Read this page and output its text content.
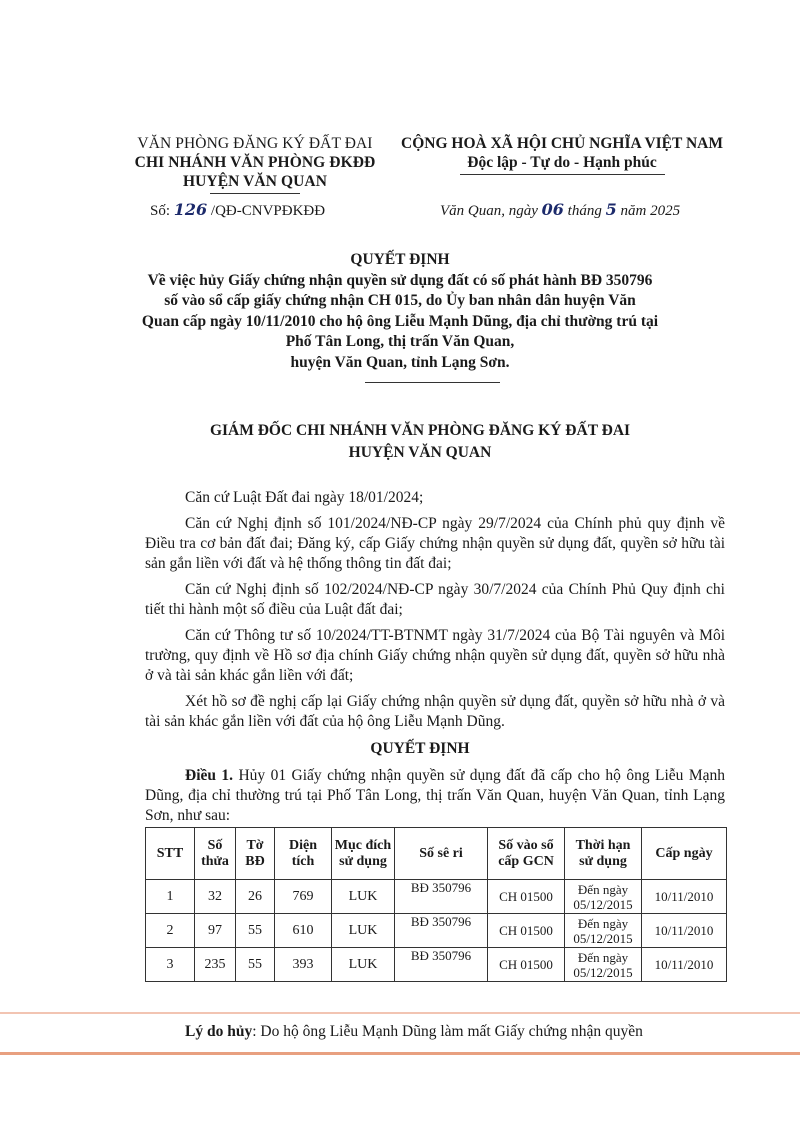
VĂN PHÒNG ĐĂNG KÝ ĐẤT ĐAI
CHI NHÁNH VĂN PHÒNG ĐKĐĐ
HUYỆN VĂN QUAN
CỘNG HOÀ XÃ HỘI CHỦ NGHĨA VIỆT NAM
Độc lập - Tự do - Hạnh phúc
Số: 126 /QĐ-CNVPĐKĐĐ	Văn Quan, ngày 06 tháng 5 năm 2025
QUYẾT ĐỊNH
Về việc hủy Giấy chứng nhận quyền sử dụng đất có số phát hành BĐ 350796
số vào sổ cấp giấy chứng nhận CH 015, do Ủy ban nhân dân huyện Văn
Quan cấp ngày 10/11/2010 cho hộ ông Liễu Mạnh Dũng, địa chỉ thường trú tại
Phố Tân Long, thị trấn Văn Quan,
huyện Văn Quan, tỉnh Lạng Sơn.
GIÁM ĐỐC CHI NHÁNH VĂN PHÒNG ĐĂNG KÝ ĐẤT ĐAI
HUYỆN VĂN QUAN

Căn cứ Luật Đất đai ngày 18/01/2024;

Căn cứ Nghị định số 101/2024/NĐ-CP ngày 29/7/2024 của Chính phủ quy định về Điều tra cơ bản đất đai; Đăng ký, cấp Giấy chứng nhận quyền sử dụng đất, quyền sở hữu tài sản gắn liền với đất và hệ thống thông tin đất đai;

Căn cứ Nghị định số 102/2024/NĐ-CP ngày 30/7/2024 của Chính Phủ Quy định chi tiết thi hành một số điều của Luật đất đai;

Căn cứ Thông tư số 10/2024/TT-BTNMT ngày 31/7/2024 của Bộ Tài nguyên và Môi trường, quy định về Hồ sơ địa chính Giấy chứng nhận quyền sử dụng đất, quyền sở hữu nhà ở và tài sản khác gắn liền với đất;

Xét hồ sơ đề nghị cấp lại Giấy chứng nhận quyền sử dụng đất, quyền sở hữu nhà ở và tài sản khác gắn liền với đất của hộ ông Liễu Mạnh Dũng.

QUYẾT ĐỊNH

Điều 1. Hủy 01 Giấy chứng nhận quyền sử dụng đất đã cấp cho hộ ông Liễu Mạnh Dũng, địa chỉ thường trú tại Phố Tân Long, thị trấn Văn Quan, huyện Văn Quan, tỉnh Lạng Sơn, như sau:

STT	Số thửa	Tờ BĐ	Diện tích	Mục đích sử dụng	Số sê ri	Số vào sổ cấp GCN	Thời hạn sử dụng	Cấp ngày
1	32	26	769	LUK	BĐ 350796	CH 01500	Đến ngày 05/12/2015	10/11/2010
2	97	55	610	LUK	BĐ 350796	CH 01500	Đến ngày 05/12/2015	10/11/2010
3	235	55	393	LUK	BĐ 350796	CH 01500	Đến ngày 05/12/2015	10/11/2010

Lý do hủy: Do hộ ông Liễu Mạnh Dũng làm mất Giấy chứng nhận quyền
